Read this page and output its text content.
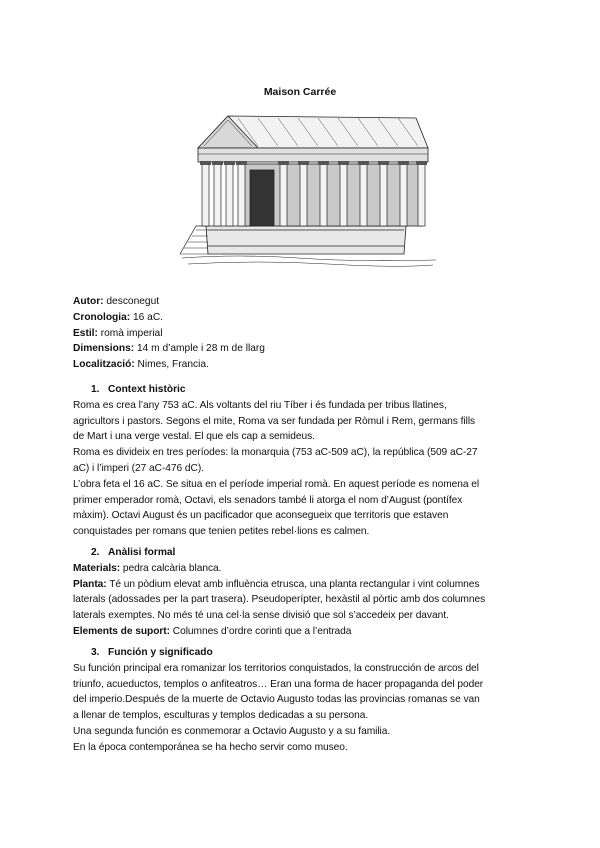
Maison Carrée
Autor: desconegut
Cronologia: 16 aC.
Estil: romà imperial
Dimensions: 14 m d’ample i 28 m de llarg
Localització: Nimes, Francia.
1. Context històric

Roma es crea l’any 753 aC. Als voltants del riu Tíber i és fundada per tribus llatines,

agricultors i pastors. Segons el mite, Roma va ser fundada per Ròmul i Rem, germans fills

de Mart i una verge vestal. El que els cap a semideus.

Roma es divideix en tres períodes: la monarquia (753 aC-509 aC), la república (509 aC-27

aC) i l’imperi (27 aC-476 dC).

L’obra feta el 16 aC. Se situa en el període imperial romà. En aquest període es nomena el

primer emperador romà, Octavi, els senadors també li atorga el nom d’August (pontífex

màxim). Octavi August és un pacificador que aconsegueix que territoris que estaven

conquistades per romans que tenien petites rebel·lions es calmen.

2. Anàlisi formal

Materials: pedra calcària blanca.

Planta: Té un pòdium elevat amb influència etrusca, una planta rectangular i vint columnes

laterals (adossades per la part trasera). Pseudoperípter, hexàstil al pòrtic amb dos columnes

laterals exemptes. No més té una cel·la sense divisió que sol s’accedeix per davant.

Elements de suport: Columnes d’ordre corinti que a l’entrada

3. Función y significado

Su función principal era romanizar los territorios conquistados, la construcción de arcos del

triunfo, acueductos, templos o anfiteatros… Eran una forma de hacer propaganda del poder

del imperio.Después de la muerte de Octavio Augusto todas las provincias romanas se van

a llenar de templos, esculturas y templos dedicadas a su persona.

Una segunda función es conmemorar a Octavio Augusto y a su familia.

En la época contemporánea se ha hecho servir como museo.
